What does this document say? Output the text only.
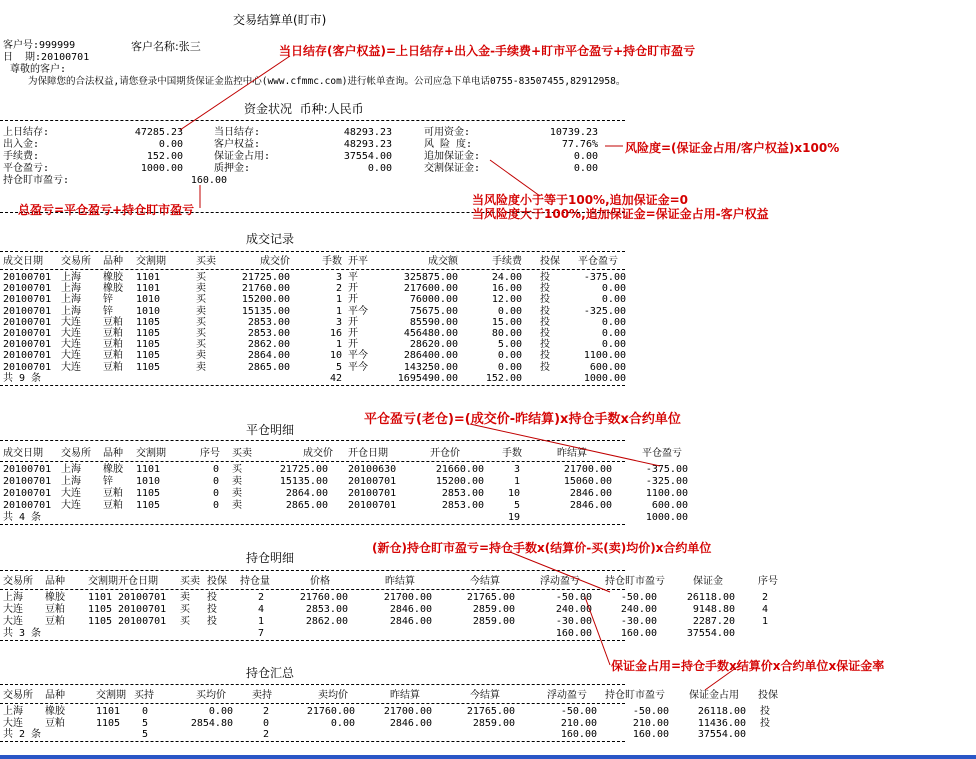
交易结算单(盯市)
客户号:999999	客户名称:张三
日  期:20100701
尊敬的客户:
为保障您的合法权益,请您登录中国期货保证金监控中心(www.cfmmc.com)进行帐单查询。公司应急下单电话0755-83507455,82912958。
资金状况  币种:人民币
上日结存:	47285.23
出入金:	0.00
手续费:	152.00
平仓盈亏:	1000.00
持仓盯市盈亏:	160.00
当日结存:	48293.23
客户权益:	48293.23
保证金占用:	37554.00
质押金:	0.00
可用资金:	10739.23
风 险 度:	77.76%
追加保证金:	0.00
交割保证金:	0.00
成交记录
成交日期 交易所 品种 交割期	买卖	成交价	手数 开平	成交额	手续费 投保 平仓盈亏
20100701 上海 橡胶 1101	买	21725.00	3 平	325875.00	24.00 投	-375.00
20100701 上海 橡胶 1101	卖	21760.00	2 开	217600.00	16.00 投	0.00
20100701 上海 锌 1010	买	15200.00	1 开	76000.00	12.00 投	0.00
20100701 上海 锌 1010	卖	15135.00	1 平今	75675.00	0.00 投	-325.00
20100701 大连 豆粕 1105	买	2853.00	3 开	85590.00	15.00 投	0.00
20100701 大连 豆粕 1105	买	2853.00	16 开	456480.00	80.00 投	0.00
20100701 大连 豆粕 1105	买	2862.00	1 开	28620.00	5.00 投	0.00
20100701 大连 豆粕 1105	卖	2864.00	10 平今	286400.00	0.00 投	1100.00
20100701 大连 豆粕 1105	卖	2865.00	5 平今	143250.00	0.00 投	600.00
共 9 条	42	1695490.00	152.00	1000.00
平仓明细
成交日期 交易所 品种 交割期	序号 买卖	成交价 开仓日期	开仓价	手数	昨结算	平仓盈亏
20100701 上海 橡胶 1101	0 买	21725.00 20100630	21660.00	3	21700.00	-375.00
20100701 上海 锌 1010	0 卖	15135.00 20100701	15200.00	1	15060.00	-325.00
20100701 大连 豆粕 1105	0 卖	2864.00 20100701	2853.00	10	2846.00	1100.00
20100701 大连 豆粕 1105	0 卖	2865.00 20100701	2853.00	5	2846.00	600.00
共 4 条	19	1000.00
持仓明细
交易所 品种 交割期 开仓日期 买卖 投保 持仓量	价格	昨结算	今结算	浮动盈亏	持仓盯市盈亏	保证金	序号
上海 橡胶 1101 20100701 卖 投	2	21760.00	21700.00	21765.00	-50.00	-50.00	26118.00	2
大连 豆粕 1105 20100701 买 投	4	2853.00	2846.00	2859.00	240.00	240.00	9148.80	4
大连 豆粕 1105 20100701 买 投	1	2862.00	2846.00	2859.00	-30.00	-30.00	2287.20	1
共 3 条	7	160.00	160.00	37554.00
持仓汇总
交易所 品种	交割期 买持	买均价	卖持	卖均价	昨结算	今结算	浮动盈亏 持仓盯市盈亏 保证金占用 投保
上海 橡胶	1101	0	0.00	2	21760.00	21700.00	21765.00	-50.00	-50.00	26118.00 投
大连 豆粕	1105	5	2854.80	0	0.00	2846.00	2859.00	210.00	210.00	11436.00 投
共 2 条	5	2	160.00	160.00	37554.00
当日结存(客户权益)=上日结存+出入金-手续费+盯市平仓盈亏+持仓盯市盈亏
风险度=(保证金占用/客户权益)x100%
总盈亏=平仓盈亏+持仓盯市盈亏
当风险度小于等于100%,追加保证金=0
当风险度大于100%,追加保证金=保证金占用-客户权益
平仓盈亏(老仓)=(成交价-昨结算)x持仓手数x合约单位
(新仓)持仓盯市盈亏=持仓手数x(结算价-买(卖)均价)x合约单位
保证金占用=持仓手数x结算价x合约单位x保证金率
